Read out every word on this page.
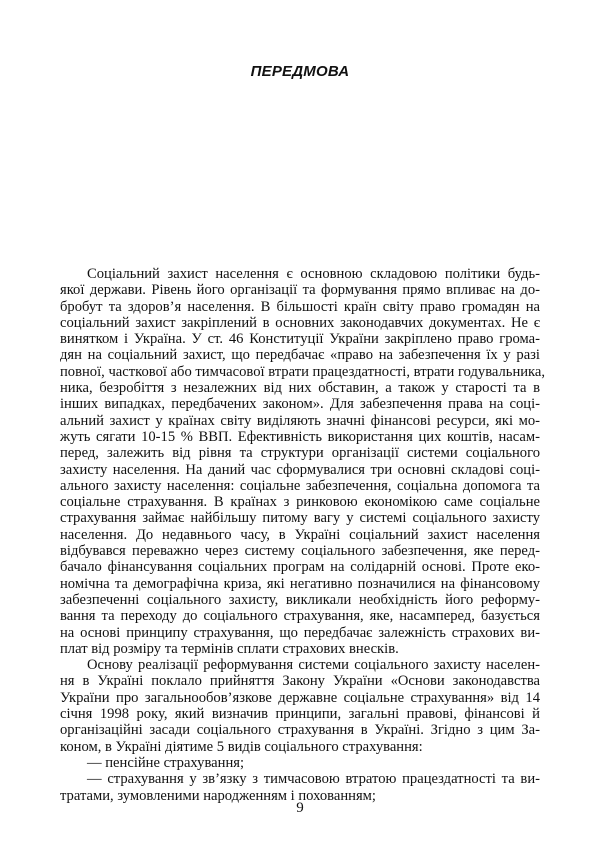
ПЕРЕДМОВА
Соціальний захист населення є основною складовою політики будь-
якої держави. Рівень його організації та формування прямо впливає на до-
бробут та здоров’я населення. В більшості країн світу право громадян на
соціальний захист закріплений в основних законодавчих документах. Не є
винятком і Україна. У ст. 46 Конституції України закріплено право грома-
дян на соціальний захист, що передбачає «право на забезпечення їх у разі
повної, часткової або тимчасової втрати працездатності, втрати годувальника,
ника, безробіття з незалежних від них обставин, а також у старості та в
інших випадках, передбачених законом». Для забезпечення права на соці-
альний захист у країнах світу виділяють значні фінансові ресурси, які мо-
жуть сягати 10-15 % ВВП. Ефективність використання цих коштів, насам-
перед, залежить від рівня та структури організації системи соціального
захисту населення. На даний час сформувалися три основні складові соці-
ального захисту населення: соціальне забезпечення, соціальна допомога та
соціальне страхування. В країнах з ринковою економікою саме соціальне
страхування займає найбільшу питому вагу у системі соціального захисту
населення. До недавнього часу, в Україні соціальний захист населення
відбувався переважно через систему соціального забезпечення, яке перед-
бачало фінансування соціальних програм на солідарній основі. Проте еко-
номічна та демографічна криза, які негативно позначилися на фінансовому
забезпеченні соціального захисту, викликали необхідність його реформу-
вання та переходу до соціального страхування, яке, насамперед, базується
на основі принципу страхування, що передбачає залежність страхових ви-
плат від розміру та термінів сплати страхових внесків.
Основу реалізації реформування системи соціального захисту населен-
ня в Україні поклало прийняття Закону України «Основи законодавства
України про загальнообов’язкове державне соціальне страхування» від 14
січня 1998 року, який визначив принципи, загальні правові, фінансові й
організаційні засади соціального страхування в Україні. Згідно з цим За-
коном, в Україні діятиме 5 видів соціального страхування:
— пенсійне страхування;
— страхування у зв’язку з тимчасовою втратою працездатності та ви-
тратами, зумовленими народженням і похованням;
9
